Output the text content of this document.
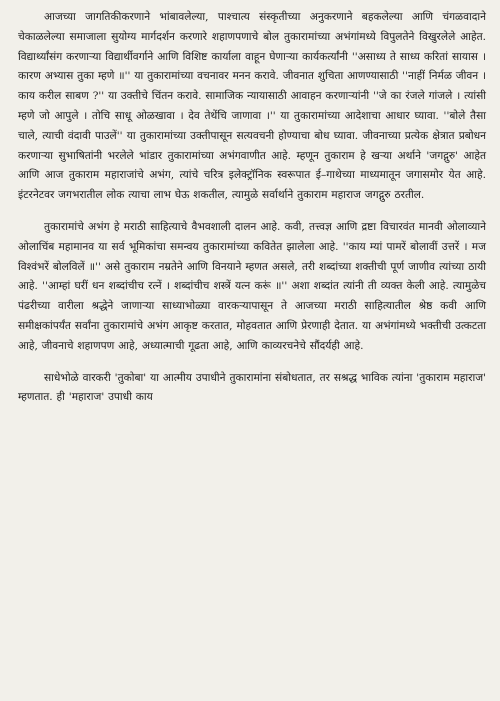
आजच्या जागतिकीकरणाने भांबावलेल्या, पाश्चात्य संस्कृतीच्या अनुकरणाने बहकलेल्या आणि चंगळवादाने चेकाळलेल्या समाजाला सुयोग्य मार्गदर्शन करणारे शहाणपणाचे बोल तुकारामांच्या अभंगांमध्ये विपुलतेने विखुरलेले आहेत. विद्यार्थ्यांसंग करणाऱ्या विद्यार्थीवर्गाने आणि विशिष्ट कार्याला वाहून घेणाऱ्या कार्यकर्त्यांनी ''असाध्य ते साध्य करितां सायास । कारण अभ्यास तुका म्हणे ॥'' या तुकारामांच्या वचनावर मनन करावे. जीवनात शुचिता आणण्यासाठी ''नाहीं निर्मळ जीवन । काय करील साबण ?'' या उक्तीचे चिंतन करावे. सामाजिक न्यायासाठी आवाहन करणाऱ्यांनी ''जे का रंजले गांजले । त्यांसी म्हणे जो आपुले । तोचि साधू ओळखावा । देव तेथेंचि जाणावा ।'' या तुकारामांच्या आदेशाचा आधार घ्यावा. ''बोले तैसा चाले, त्याची वंदावी पाउलें'' या तुकारामांच्या उक्तीपासून सत्यवचनी होण्याचा बोध घ्यावा. जीवनाच्या प्रत्येक क्षेत्रात प्रबोधन करणाऱ्या सुभाषितांनी भरलेले भांडार तुकारामांच्या अभंगवाणीत आहे. म्हणून तुकाराम हे खऱ्या अर्थाने 'जगद्गुरु' आहेत आणि आज तुकाराम महाराजांचे अभंग, त्यांचे चरित्र इलेक्ट्रॉनिक स्वरूपात ई–गाथेच्या माध्यमातून जगासमोर येत आहे. इंटरनेटवर जगभरातील लोक त्याचा लाभ घेऊ शकतील, त्यामुळे सर्वार्थाने तुकाराम महाराज जगद्गुरु ठरतील.

तुकारामांचे अभंग हे मराठी साहित्याचे वैभवशाली दालन आहे. कवी, तत्त्वज्ञ आणि द्रष्टा विचारवंत मानवी ओलाव्याने ओलाचिंब महामानव या सर्व भूमिकांचा समन्वय तुकारामांच्या कवितेत झालेला आहे. ''काय म्यां पामरें बोलावीं उत्तरें । मज विश्वंभरें बोलविलें ॥'' असे तुकाराम नम्रतेने आणि विनयाने म्हणत असले, तरी शब्दांच्या शक्तीची पूर्ण जाणीव त्यांच्या ठायी आहे. ''आम्हां घरीं धन शब्दांचीच रत्नें । शब्दांचीच शस्त्रें यत्न करूं ॥'' अशा शब्दांत त्यांनी ती व्यक्त केली आहे. त्यामुळेच पंढरीच्या वारीला श्रद्धेने जाणाऱ्या साध्याभोळ्या वारकऱ्यापासून ते आजच्या मराठी साहित्यातील श्रेष्ठ कवी आणि समीक्षकांपर्यंत सर्वांना तुकारामांचे अभंग आकृष्ट करतात, मोहवतात आणि प्रेरणाही देतात. या अभंगांमध्ये भक्तीची उत्कटता आहे, जीवनाचे शहाणपण आहे, अध्यात्माची गूढता आहे, आणि काव्यरचनेचे सौंदर्यही आहे.

साधेभोळे वारकरी 'तुकोबा' या आत्मीय उपाधीने तुकारामांना संबोधतात, तर सश्रद्ध भाविक त्यांना 'तुकाराम महाराज' म्हणतात. ही 'महाराज' उपाधी काय
